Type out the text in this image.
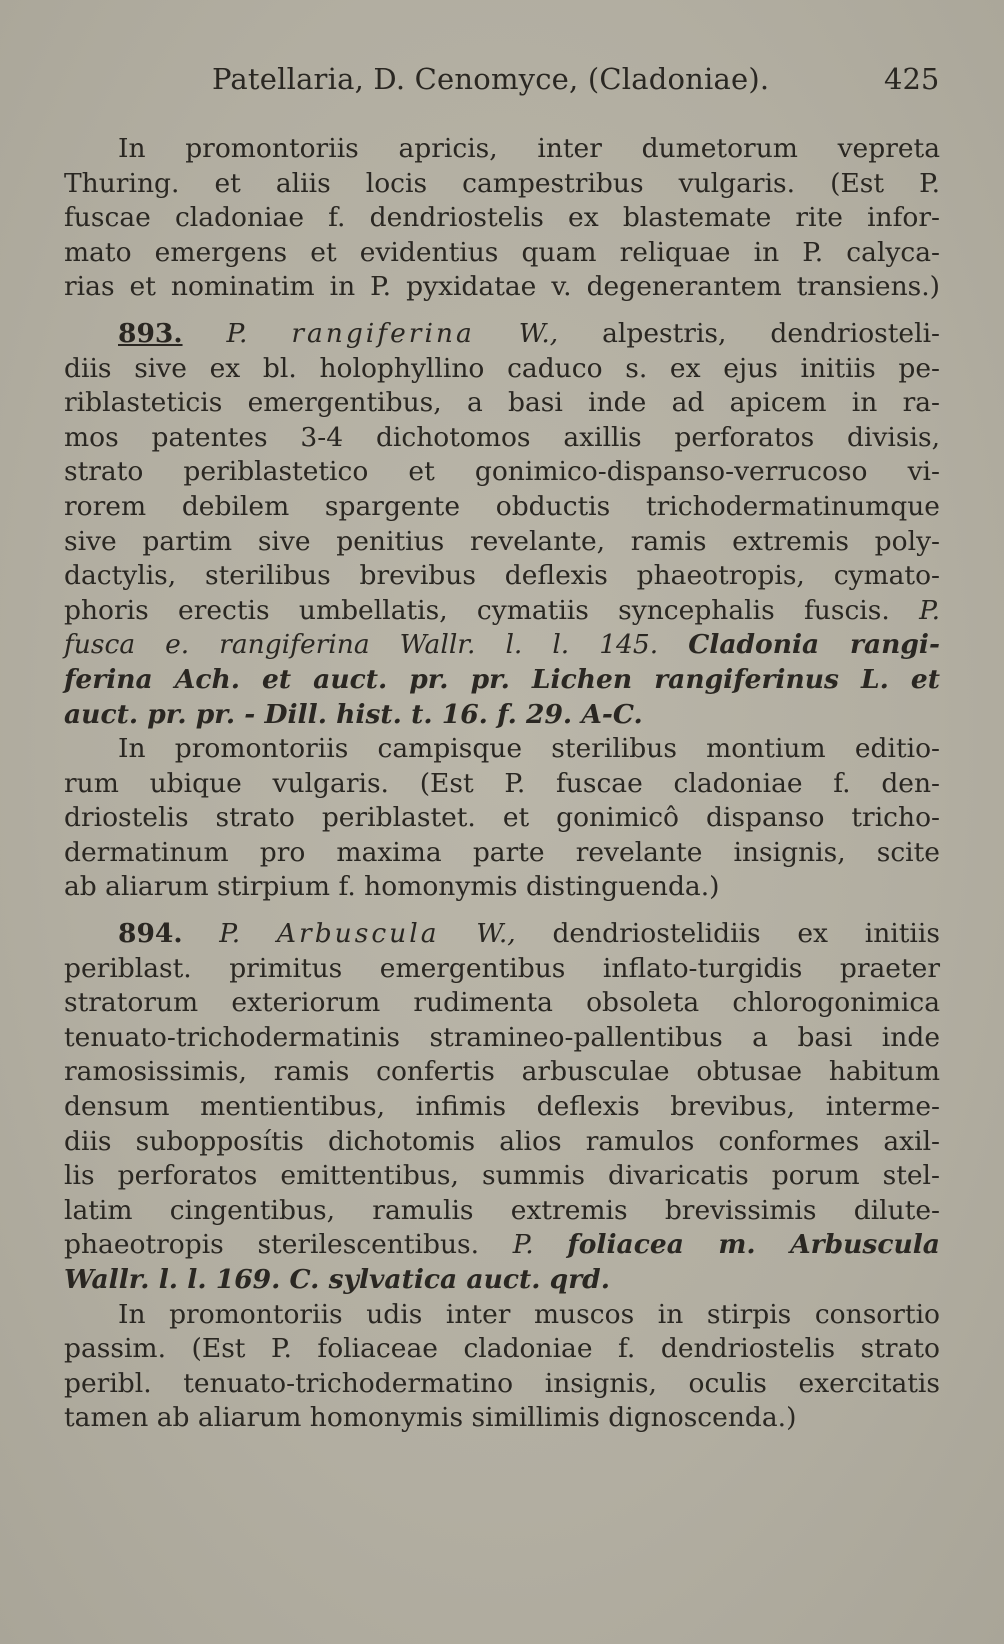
Patellaria, D. Cenomyce, (Cladoniae).	425
In promontoriis apricis, inter dumetorum vepreta
Thuring. et aliis locis campestribus vulgaris. (Est P.
fuscae cladoniae f. dendriostelis ex blastemate rite infor-
mato emergens et evidentius quam reliquae in P. calyca-
rias et nominatim in P. pyxidatae v. degenerantem transiens.)
893. P. rangiferina W., alpestris, dendriosteli-
diis sive ex bl. holophyllino caduco s. ex ejus initiis pe-
riblasteticis emergentibus, a basi inde ad apicem in ra-
mos patentes 3-4 dichotomos axillis perforatos divisis,
strato periblastetico et gonimico-dispanso-verrucoso vi-
rorem debilem spargente obductis trichodermatinumque
sive partim sive penitius revelante, ramis extremis poly-
dactylis, sterilibus brevibus deflexis phaeotropis, cymato-
phoris erectis umbellatis, cymatiis syncephalis fuscis. P.
fusca e. rangiferina Wallr. l. l. 145. Cladonia rangi-
ferina Ach. et auct. pr. pr. Lichen rangiferinus L. et
auct. pr. pr. - Dill. hist. t. 16. f. 29. A-C.
In promontoriis campisque sterilibus montium editio-
rum ubique vulgaris. (Est P. fuscae cladoniae f. den-
driostelis strato periblastet. et gonimicô dispanso tricho-
dermatinum pro maxima parte revelante insignis, scite
ab aliarum stirpium f. homonymis distinguenda.)
894. P. Arbuscula W., dendriostelidiis ex initiis
periblast. primitus emergentibus inflato-turgidis praeter
stratorum exteriorum rudimenta obsoleta chlorogonimica
tenuato-trichodermatinis stramineo-pallentibus a basi inde
ramosissimis, ramis confertis arbusculae obtusae habitum
densum mentientibus, infimis deflexis brevibus, interme-
diis subopposítis dichotomis alios ramulos conformes axil-
lis perforatos emittentibus, summis divaricatis porum stel-
latim cingentibus, ramulis extremis brevissimis dilute-
phaeotropis sterilescentibus. P. foliacea m. Arbuscula
Wallr. l. l. 169. C. sylvatica auct. qrd.
In promontoriis udis inter muscos in stirpis consortio
passim. (Est P. foliaceae cladoniae f. dendriostelis strato
peribl. tenuato-trichodermatino insignis, oculis exercitatis
tamen ab aliarum homonymis simillimis dignoscenda.)
